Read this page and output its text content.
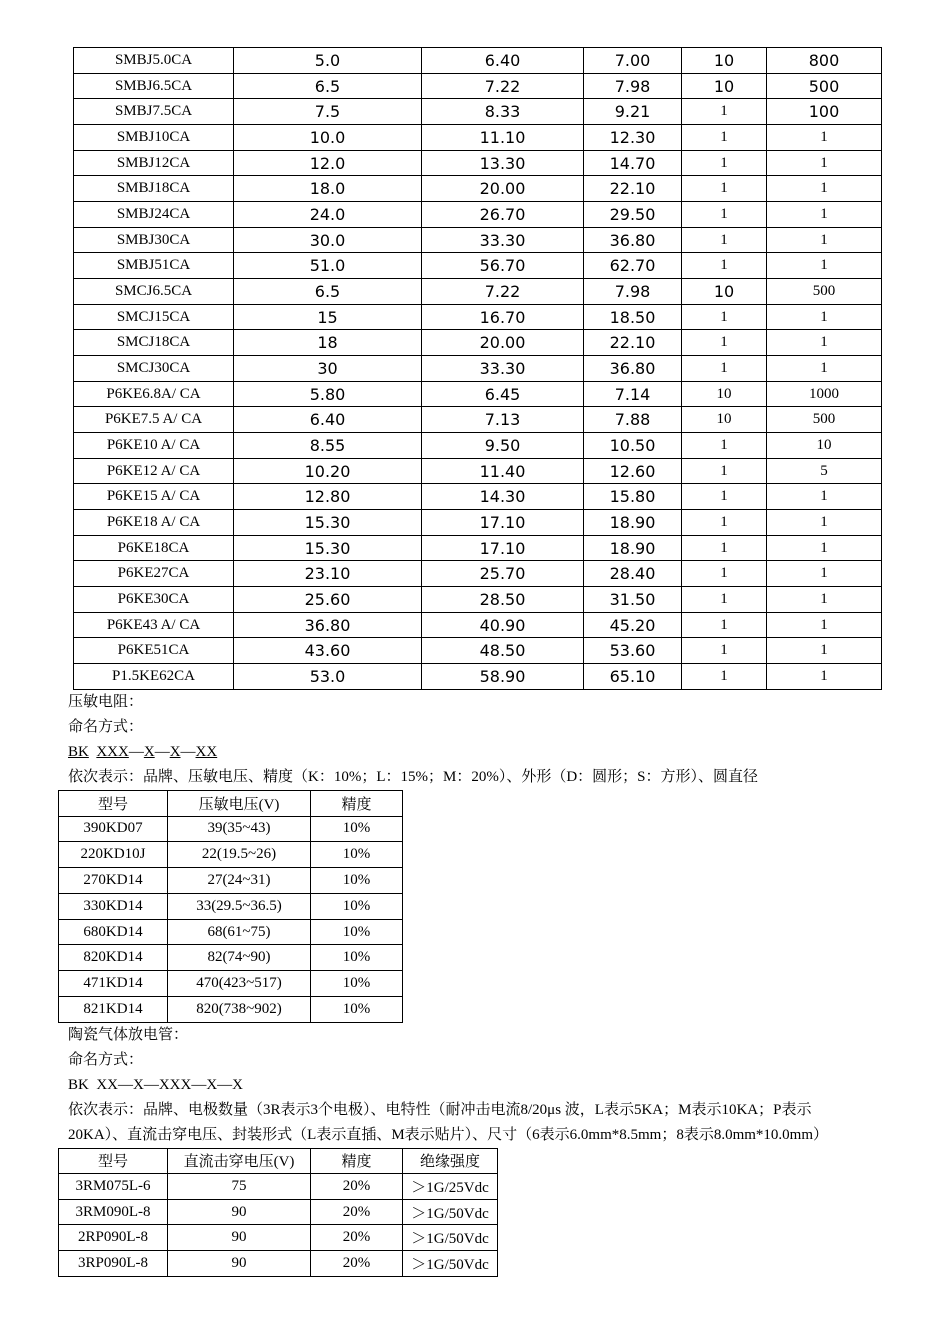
SMBJ5.0CA	5.0	6.40	7.00	10	800
SMBJ6.5CA	6.5	7.22	7.98	10	500
SMBJ7.5CA	7.5	8.33	9.21	1	100
SMBJ10CA	10.0	11.10	12.30	1	1
SMBJ12CA	12.0	13.30	14.70	1	1
SMBJ18CA	18.0	20.00	22.10	1	1
SMBJ24CA	24.0	26.70	29.50	1	1
SMBJ30CA	30.0	33.30	36.80	1	1
SMBJ51CA	51.0	56.70	62.70	1	1
SMCJ6.5CA	6.5	7.22	7.98	10	500
SMCJ15CA	15	16.70	18.50	1	1
SMCJ18CA	18	20.00	22.10	1	1
SMCJ30CA	30	33.30	36.80	1	1
P6KE6.8A/ CA	5.80	6.45	7.14	10	1000
P6KE7.5 A/ CA	6.40	7.13	7.88	10	500
P6KE10 A/ CA	8.55	9.50	10.50	1	10
P6KE12 A/ CA	10.20	11.40	12.60	1	5
P6KE15 A/ CA	12.80	14.30	15.80	1	1
P6KE18 A/ CA	15.30	17.10	18.90	1	1
P6KE18CA	15.30	17.10	18.90	1	1
P6KE27CA	23.10	25.70	28.40	1	1
P6KE30CA	25.60	28.50	31.50	1	1
P6KE43 A/ CA	36.80	40.90	45.20	1	1
P6KE51CA	43.60	48.50	53.60	1	1
P1.5KE62CA	53.0	58.90	65.10	1	1
压敏电阻：
命名方式：
BK XXX—X—X—XX
依次表示：品牌、压敏电压、精度（K：10%；L：15%；M：20%）、外形（D：圆形；S：方形）、圆直径
型号	压敏电压(V)	精度
390KD07	39(35~43)	10%
220KD10J	22(19.5~26)	10%
270KD14	27(24~31)	10%
330KD14	33(29.5~36.5)	10%
680KD14	68(61~75)	10%
820KD14	82(74~90)	10%
471KD14	470(423~517)	10%
821KD14	820(738~902)	10%
陶瓷气体放电管：
命名方式：
BK  XX—X—XXX—X—X
依次表示：品牌、电极数量（3R表示3个电极）、电特性（耐冲击电流8/20μs 波，L表示5KA；M表示10KA；P表示
20KA）、直流击穿电压、封装形式（L表示直插、M表示贴片）、尺寸（6表示6.0mm*8.5mm；8表示8.0mm*10.0mm）
型号	直流击穿电压(V)	精度	绝缘强度
3RM075L-6	75	20%	＞1G/25Vdc
3RM090L-8	90	20%	＞1G/50Vdc
2RP090L-8	90	20%	＞1G/50Vdc
3RP090L-8	90	20%	＞1G/50Vdc
